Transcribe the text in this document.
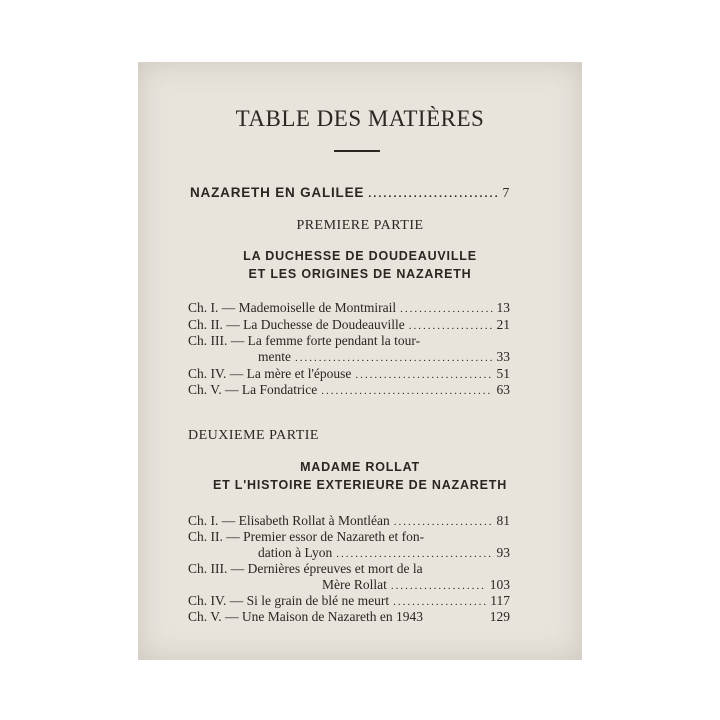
TABLE DES MATIÈRES
NAZARETH EN GALILEE .....	7
PREMIERE PARTIE
LA DUCHESSE DE DOUDEAUVILLE
ET LES ORIGINES DE NAZARETH
Ch. I. — Mademoiselle de Montmirail .....	13
Ch. II. — La Duchesse de Doudeauville .....	21
Ch. III. — La femme forte pendant la tour-
mente .....	33
Ch. IV. — La mère et l'épouse .....	51
Ch. V. — La Fondatrice .....	63
DEUXIEME PARTIE
MADAME ROLLAT
ET L'HISTOIRE EXTERIEURE DE NAZARETH
Ch. I. — Elisabeth Rollat à Montléan .....	81
Ch. II. — Premier essor de Nazareth et fon-
dation à Lyon .....	93
Ch. III. — Dernières épreuves et mort de la
Mère Rollat .....	103
Ch. IV. — Si le grain de blé ne meurt .....	117
Ch. V. — Une Maison de Nazareth en 1943	129
